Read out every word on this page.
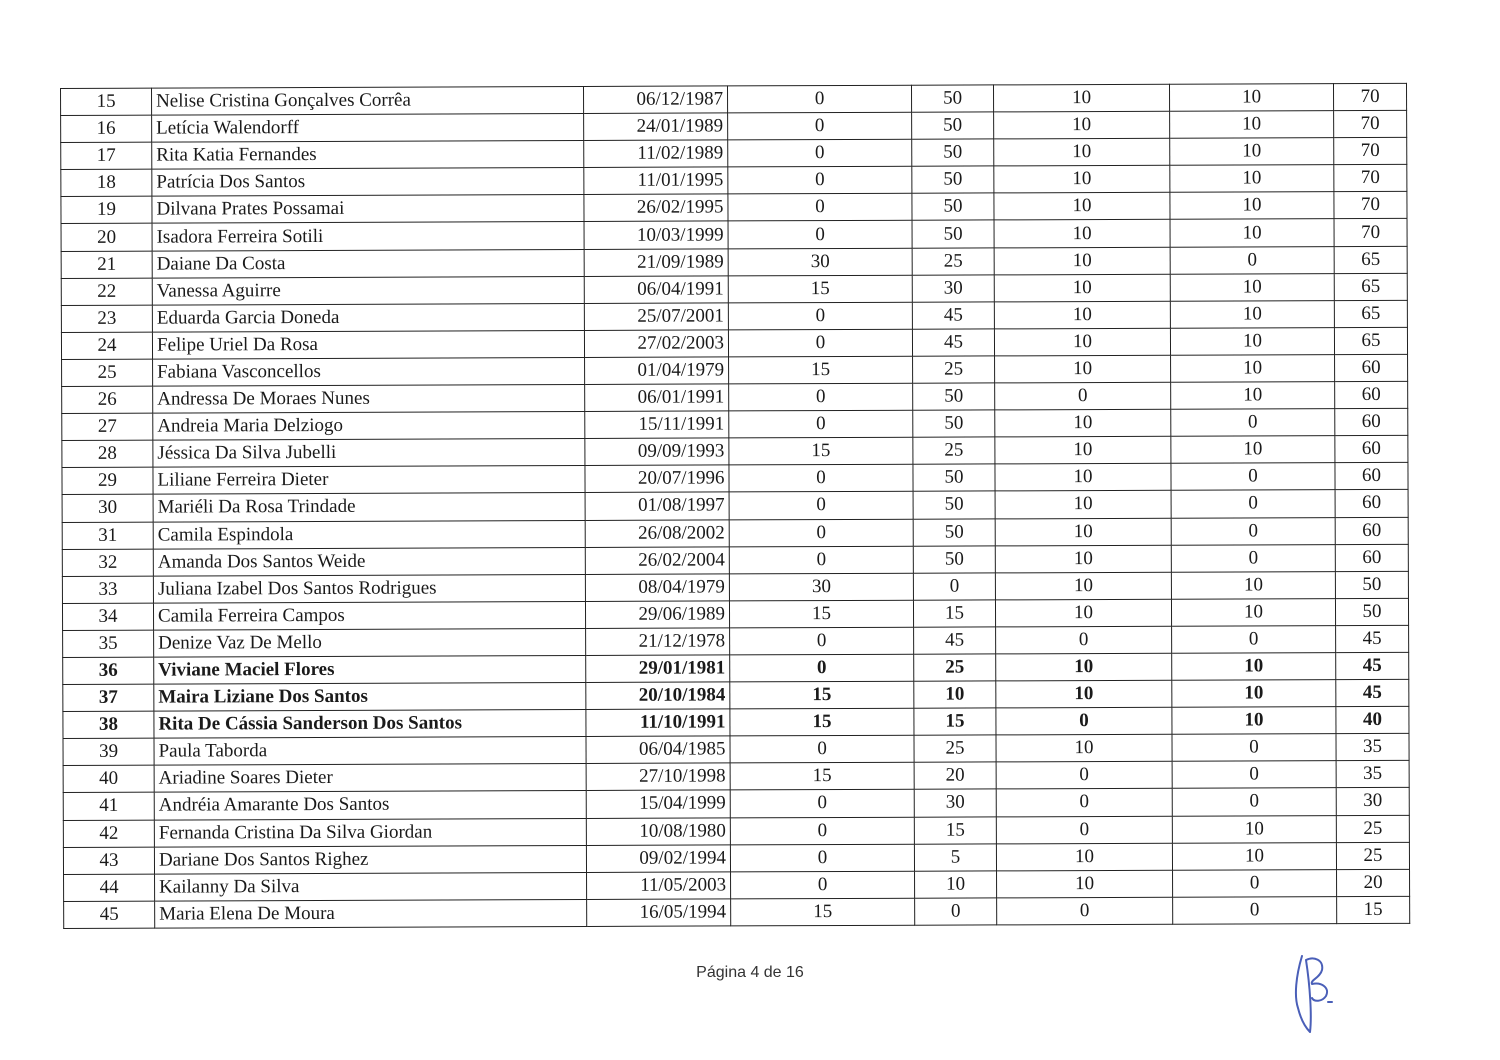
15	Nelise Cristina Gonçalves Corrêa	06/12/1987	0	50	10	10	70
16	Letícia Walendorff	24/01/1989	0	50	10	10	70
17	Rita Katia Fernandes	11/02/1989	0	50	10	10	70
18	Patrícia Dos Santos	11/01/1995	0	50	10	10	70
19	Dilvana Prates Possamai	26/02/1995	0	50	10	10	70
20	Isadora Ferreira Sotili	10/03/1999	0	50	10	10	70
21	Daiane Da Costa	21/09/1989	30	25	10	0	65
22	Vanessa Aguirre	06/04/1991	15	30	10	10	65
23	Eduarda Garcia Doneda	25/07/2001	0	45	10	10	65
24	Felipe Uriel Da Rosa	27/02/2003	0	45	10	10	65
25	Fabiana Vasconcellos	01/04/1979	15	25	10	10	60
26	Andressa De Moraes Nunes	06/01/1991	0	50	0	10	60
27	Andreia Maria Delziogo	15/11/1991	0	50	10	0	60
28	Jéssica Da Silva Jubelli	09/09/1993	15	25	10	10	60
29	Liliane Ferreira Dieter	20/07/1996	0	50	10	0	60
30	Mariéli Da Rosa Trindade	01/08/1997	0	50	10	0	60
31	Camila Espindola	26/08/2002	0	50	10	0	60
32	Amanda Dos Santos Weide	26/02/2004	0	50	10	0	60
33	Juliana Izabel Dos Santos Rodrigues	08/04/1979	30	0	10	10	50
34	Camila Ferreira Campos	29/06/1989	15	15	10	10	50
35	Denize Vaz De Mello	21/12/1978	0	45	0	0	45
36	Viviane Maciel Flores	29/01/1981	0	25	10	10	45
37	Maira Liziane Dos Santos	20/10/1984	15	10	10	10	45
38	Rita De Cássia Sanderson Dos Santos	11/10/1991	15	15	0	10	40
39	Paula Taborda	06/04/1985	0	25	10	0	35
40	Ariadine Soares Dieter	27/10/1998	15	20	0	0	35
41	Andréia Amarante Dos Santos	15/04/1999	0	30	0	0	30
42	Fernanda Cristina Da Silva Giordan	10/08/1980	0	15	0	10	25
43	Dariane Dos Santos Righez	09/02/1994	0	5	10	10	25
44	Kailanny Da Silva	11/05/2003	0	10	10	0	20
45	Maria Elena De Moura	16/05/1994	15	0	0	0	15
Página 4 de 16
